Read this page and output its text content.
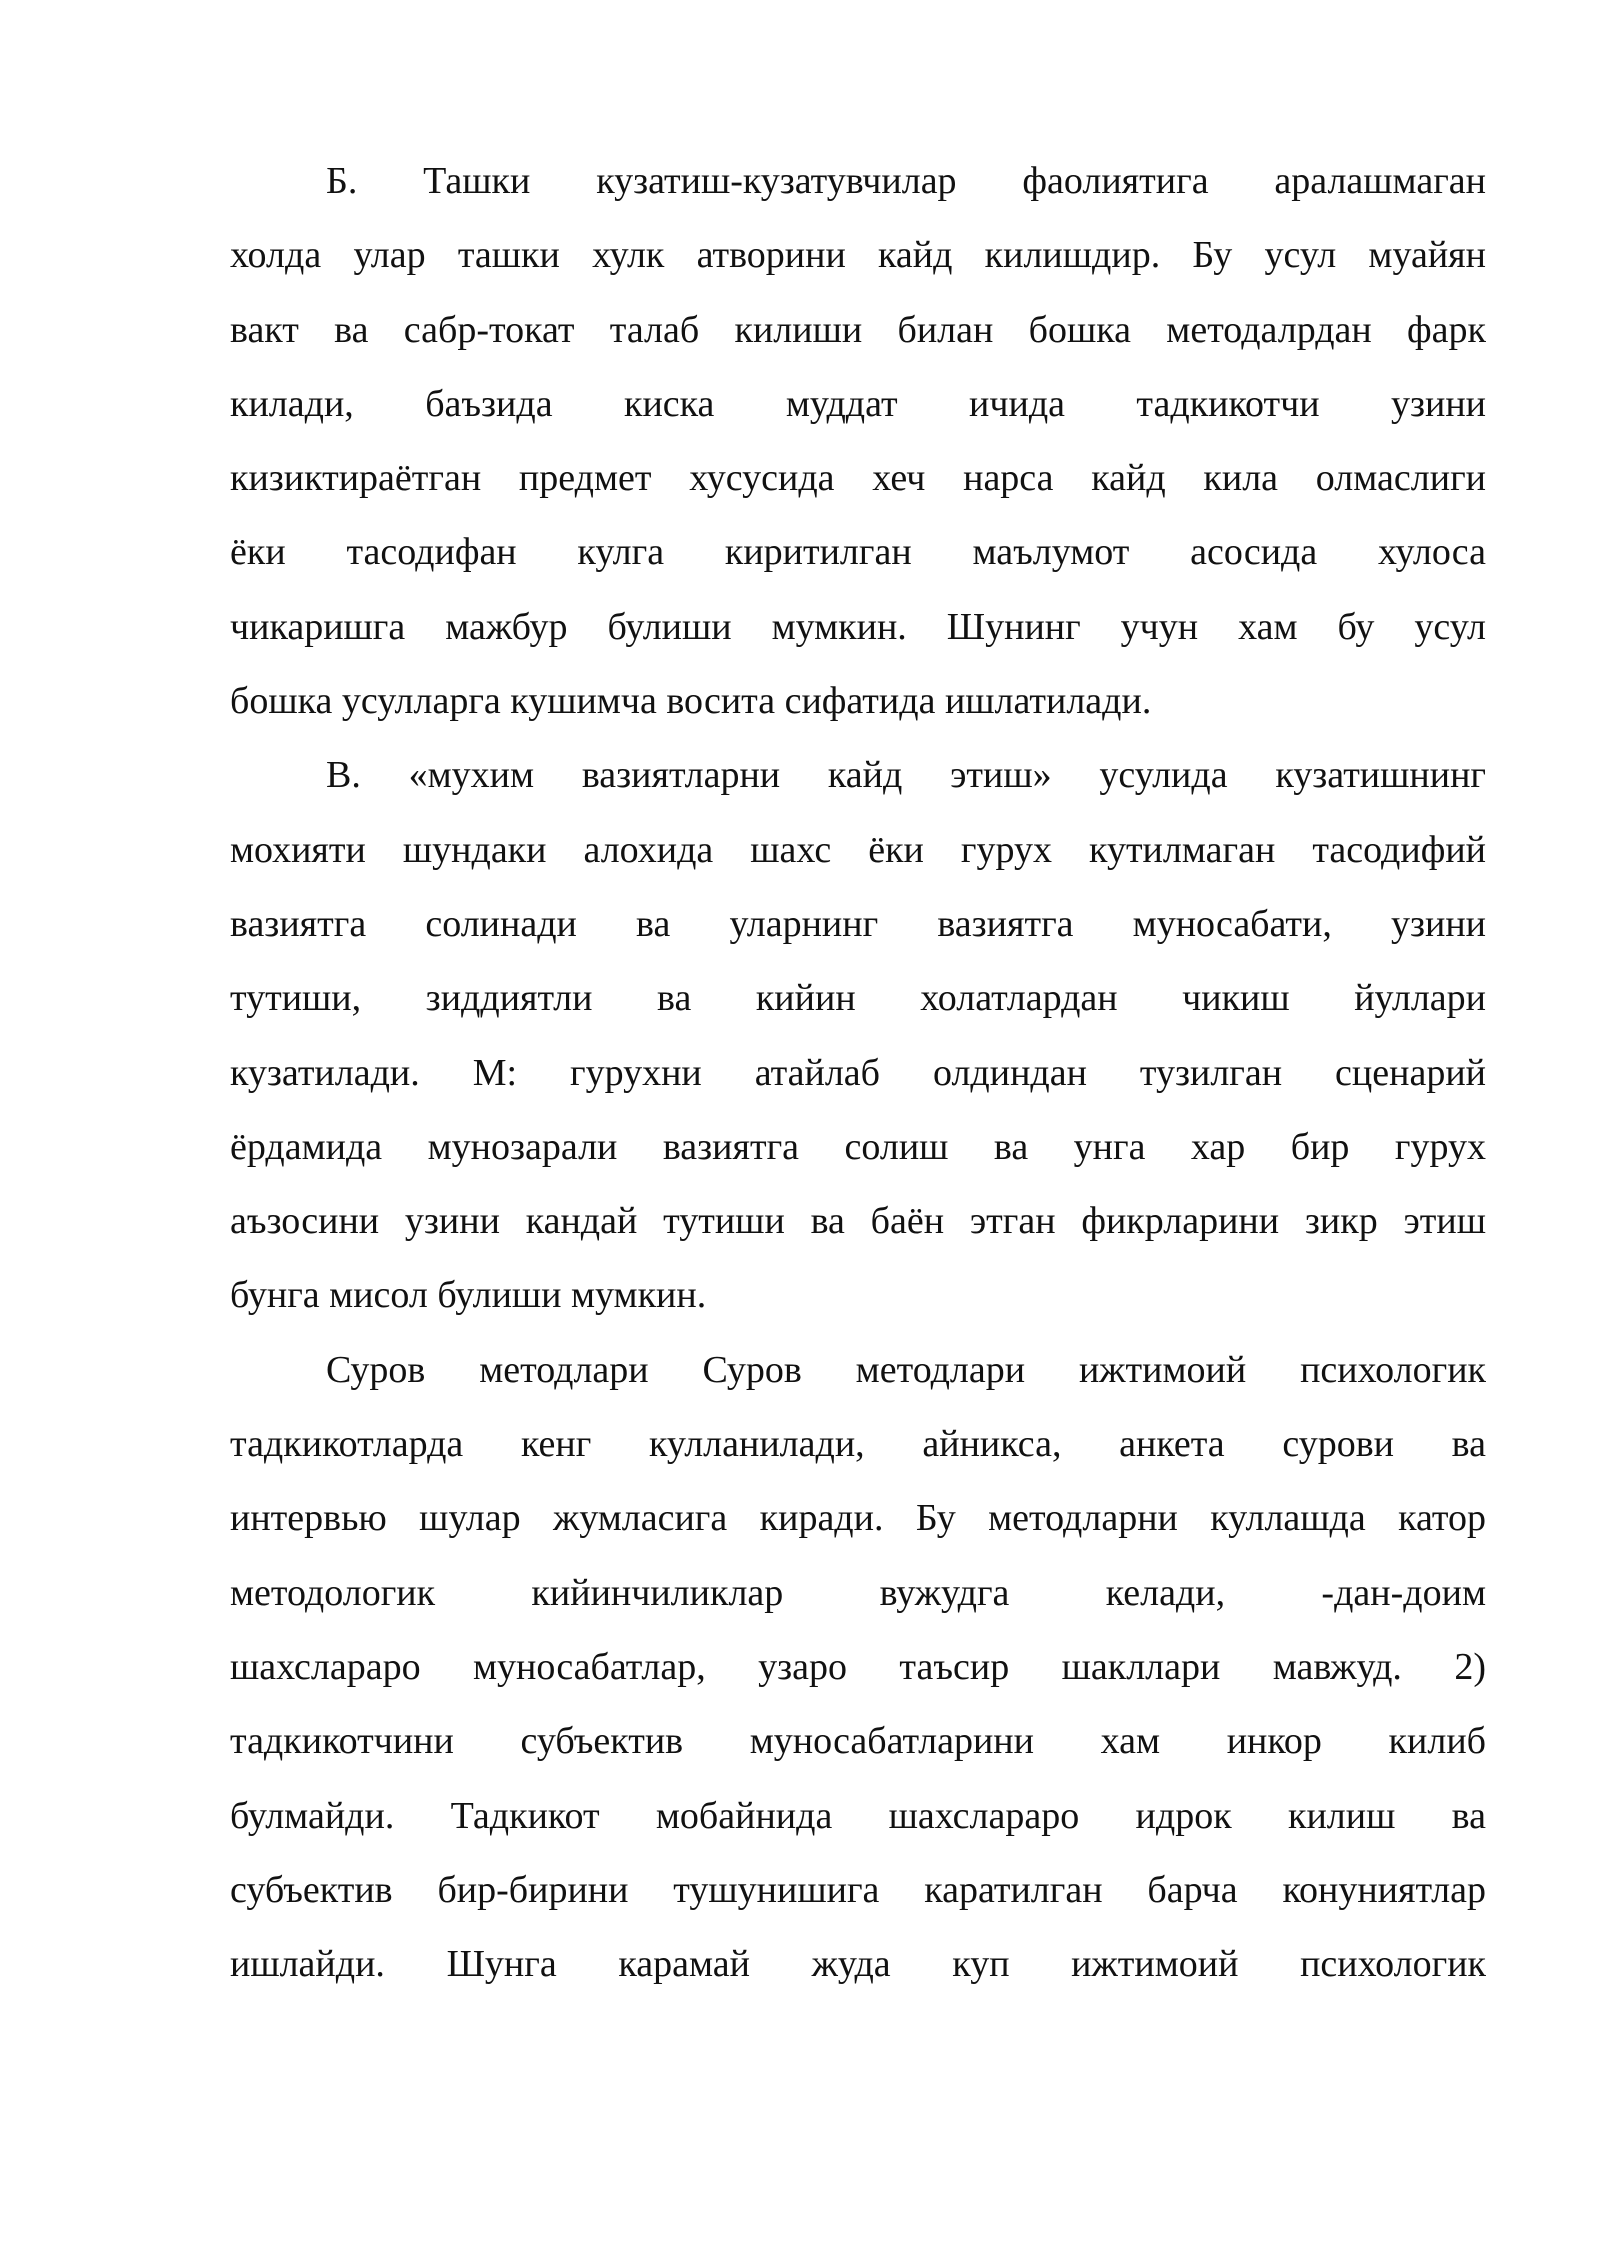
Б. Ташки кузатиш-кузатувчилар фаолиятига аралашмаган
холда улар ташки хулк атворини кайд килишдир. Бу усул муайян
вакт ва сабр-токат талаб килиши билан бошка методалрдан фарк
килади, баъзида киска муддат ичида тадкикотчи узини
кизиктираётган предмет хусусида хеч нарса кайд кила олмаслиги
ёки тасодифан кулга киритилган маълумот асосида хулоса
чикаришга мажбур булиши мумкин. Шунинг учун хам бу усул
бошка усулларга кушимча восита сифатида ишлатилади.
В. «мухим вазиятларни кайд этиш» усулида кузатишнинг
мохияти шундаки алохида шахс ёки гурух кутилмаган тасодифий
вазиятга солинади ва уларнинг вазиятга муносабати, узини
тутиши, зиддиятли ва кийин холатлардан чикиш йуллари
кузатилади. М: гурухни атайлаб олдиндан тузилган сценарий
ёрдамида мунозарали вазиятга солиш ва унга хар бир гурух
аъзосини узини кандай тутиши ва баён этган фикрларини зикр этиш
бунга мисол булиши мумкин.
Суров методлари Суров методлари ижтимоий психологик
тадкикотларда кенг кулланилади, айникса, анкета сурови ва
интервью шулар жумласига киради. Бу методларни куллашда катор
методологик кийинчиликлар вужудга келади, -дан-доим
шахслараро муносабатлар, узаро таъсир шакллари мавжуд. 2)
тадкикотчини субъектив муносабатларини хам инкор килиб
булмайди. Тадкикот мобайнида шахслараро идрок килиш ва
субъектив бир-бирини тушунишига каратилган барча конуниятлар
ишлайди. Шунга карамай жуда куп ижтимоий психологик
